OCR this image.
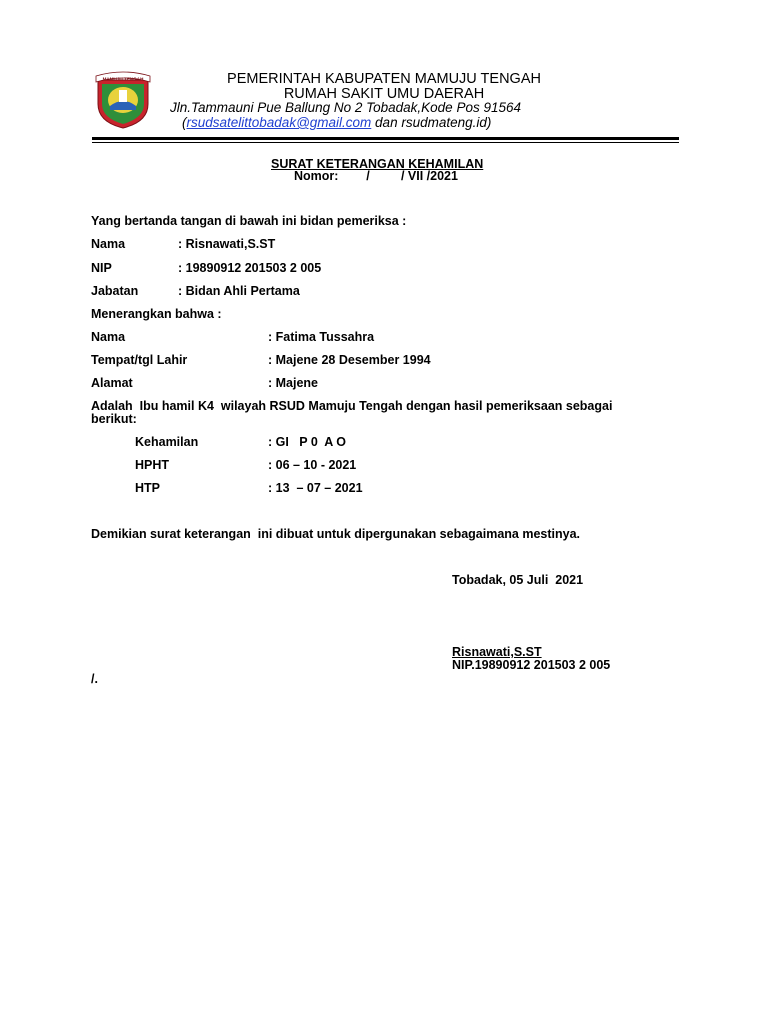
MAMUJU TENGAH	PEMERINTAH KABUPATEN MAMUJU TENGAH
RUMAH SAKIT UMU DAERAH
Jln.Tammauni Pue Ballung No 2 Tobadak,Kode Pos 91564
(rsudsatelittobadak@gmail.com dan rsudmateng.id)
SURAT KETERANGAN KEHAMILAN
Nomor:        /         / VII /2021
Yang bertanda tangan di bawah ini bidan pemeriksa :
Nama	: Risnawati,S.ST
NIP	: 19890912 201503 2 005
Jabatan	: Bidan Ahli Pertama
Menerangkan bahwa :
Nama	: Fatima Tussahra
Tempat/tgl Lahir	: Majene 28 Desember 1994
Alamat	: Majene
Adalah  Ibu hamil K4  wilayah RSUD Mamuju Tengah dengan hasil pemeriksaan sebagai
berikut:
Kehamilan	: GI   P 0  A O
HPHT	: 06 – 10 - 2021
HTP	: 13  – 07 – 2021
Demikian surat keterangan  ini dibuat untuk dipergunakan sebagaimana mestinya.
Tobadak, 05 Juli  2021
Risnawati,S.ST
NIP.19890912 201503 2 005
/.
